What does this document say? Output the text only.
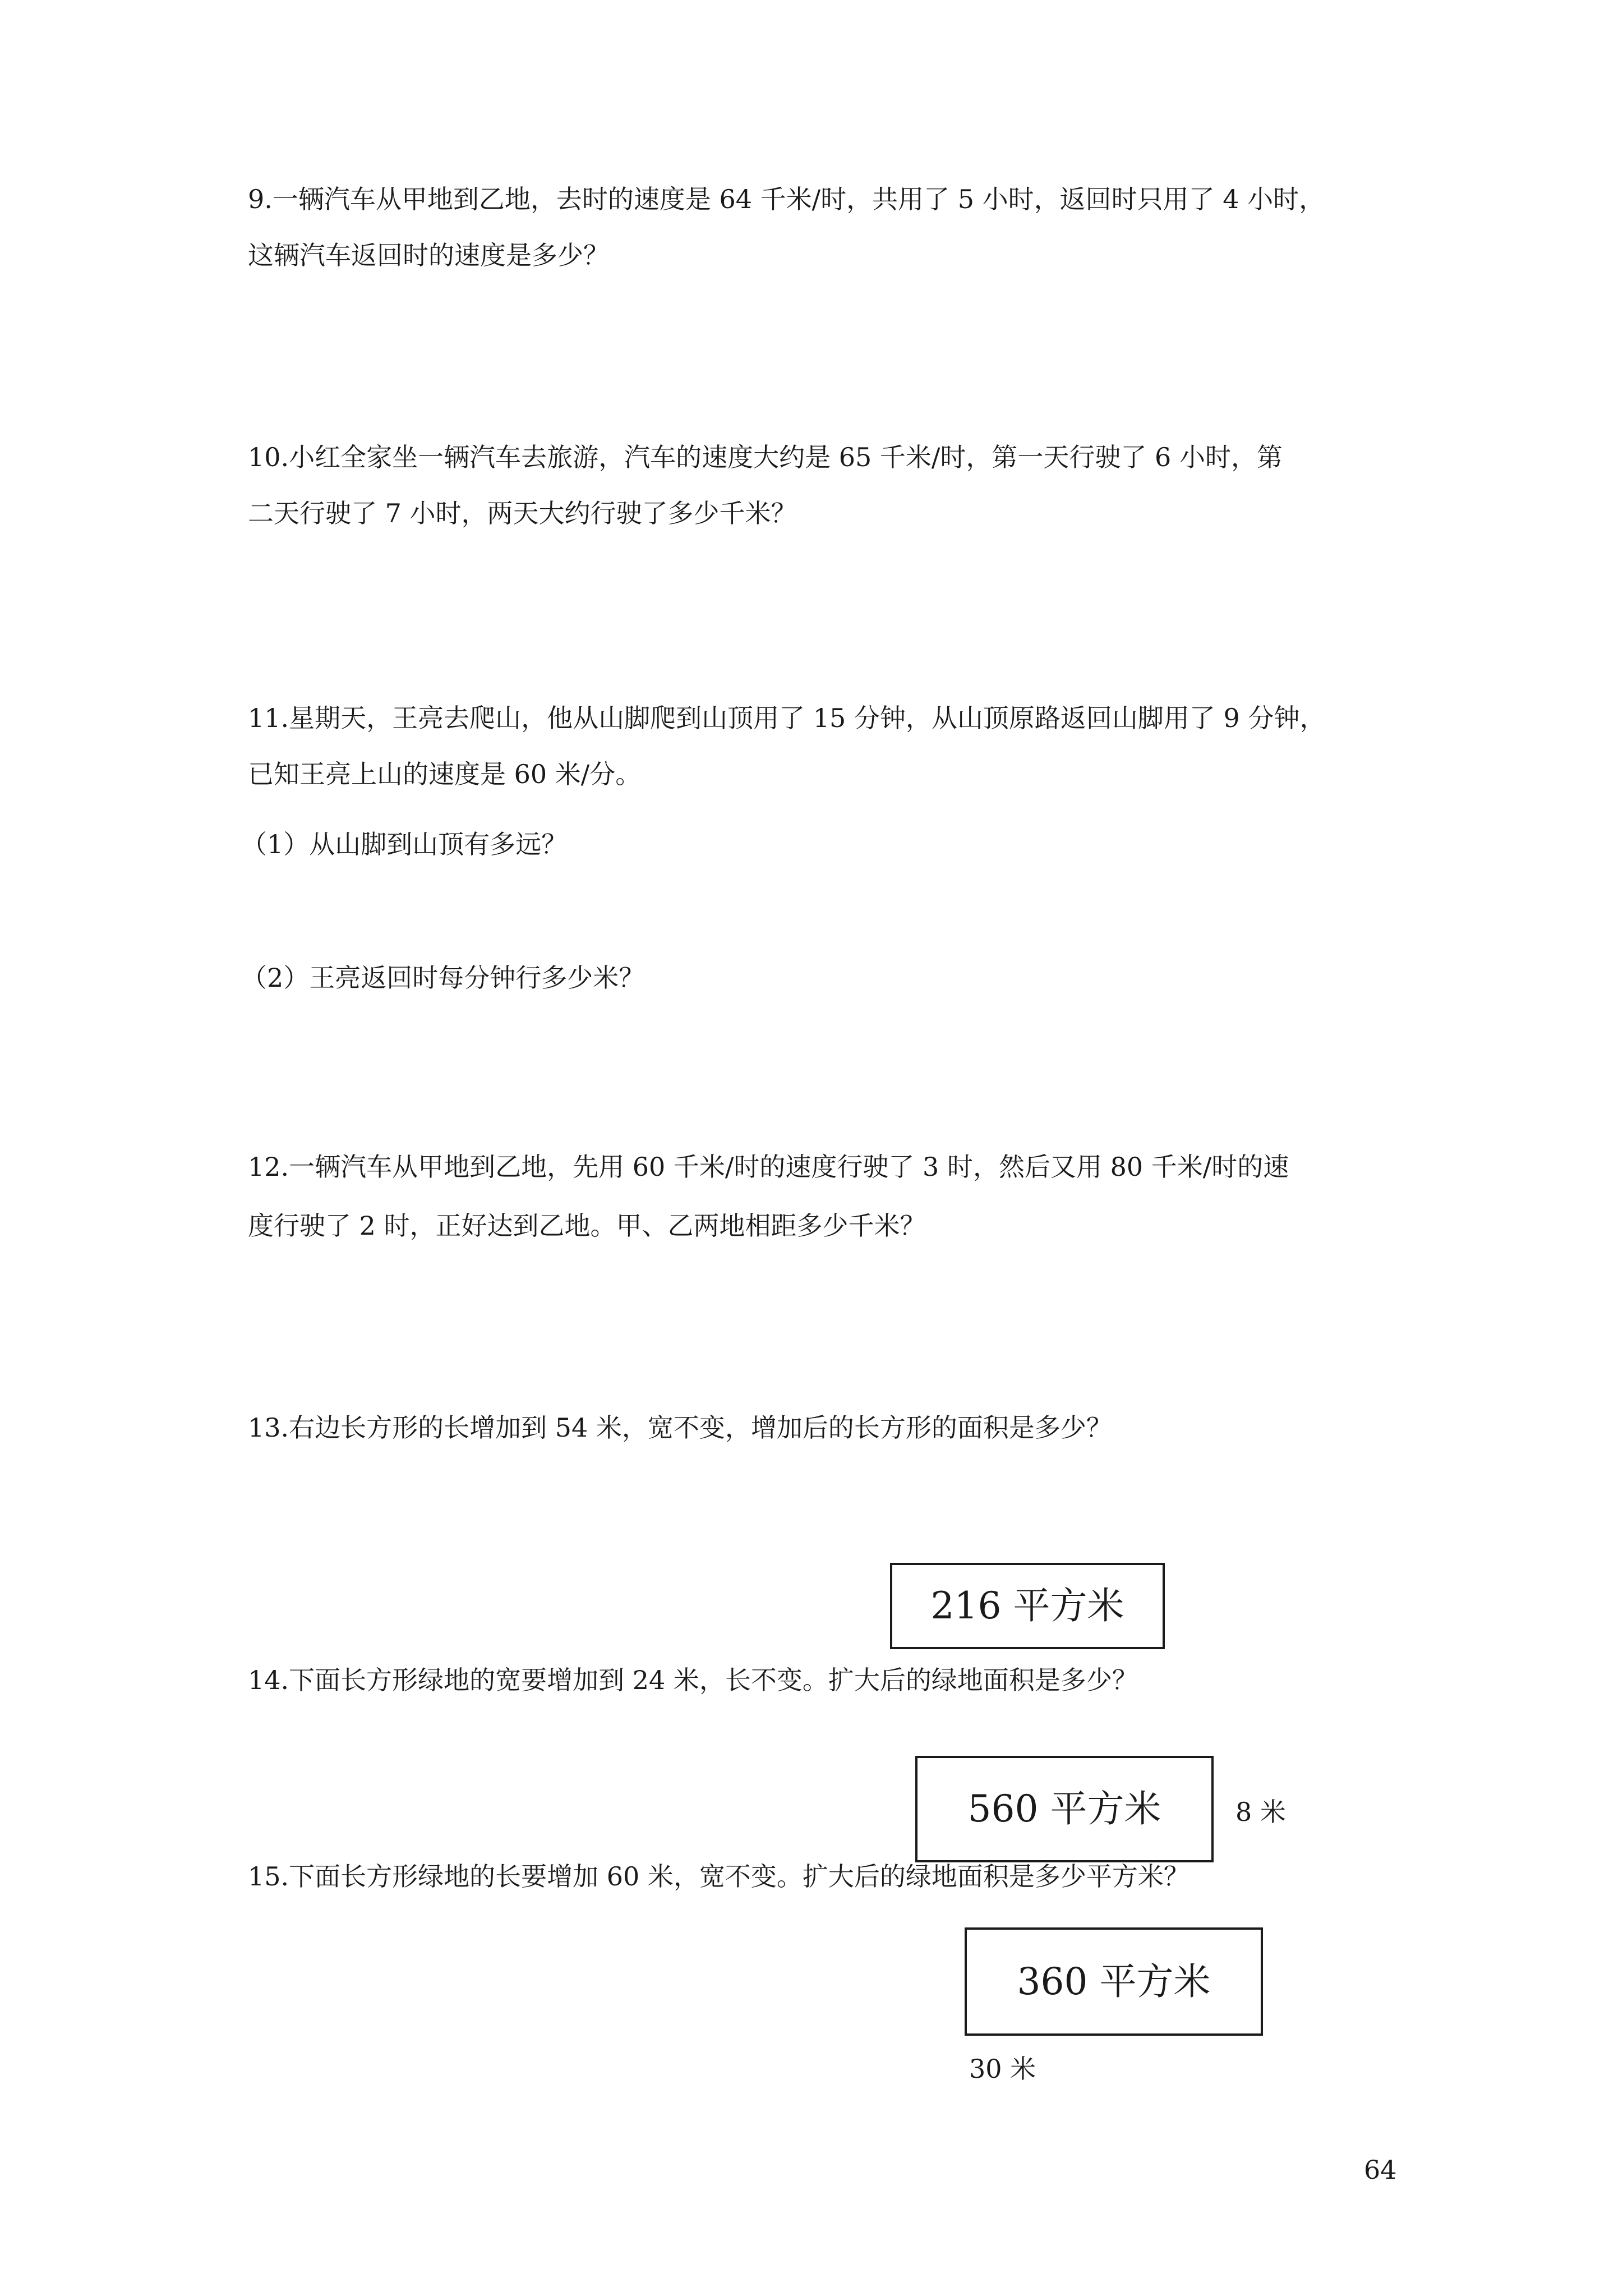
9.一辆汽车从甲地到乙地，去时的速度是 64 千米/时，共用了 5 小时，返回时只用了 4 小时，
这辆汽车返回时的速度是多少？
10.小红全家坐一辆汽车去旅游，汽车的速度大约是 65 千米/时，第一天行驶了 6 小时，第
二天行驶了 7 小时，两天大约行驶了多少千米？
11.星期天，王亮去爬山，他从山脚爬到山顶用了 15 分钟，从山顶原路返回山脚用了 9 分钟，
已知王亮上山的速度是 60 米/分。
（1）从山脚到山顶有多远？
（2）王亮返回时每分钟行多少米？
12.一辆汽车从甲地到乙地，先用 60 千米/时的速度行驶了 3 时，然后又用 80 千米/时的速
度行驶了 2 时，正好达到乙地。甲、乙两地相距多少千米？
13.右边长方形的长增加到 54 米，宽不变，增加后的长方形的面积是多少？
216 平方米
14.下面长方形绿地的宽要增加到 24 米，长不变。扩大后的绿地面积是多少？
560 平方米	8 米
15.下面长方形绿地的长要增加 60 米，宽不变。扩大后的绿地面积是多少平方米？
360 平方米
30 米
64
